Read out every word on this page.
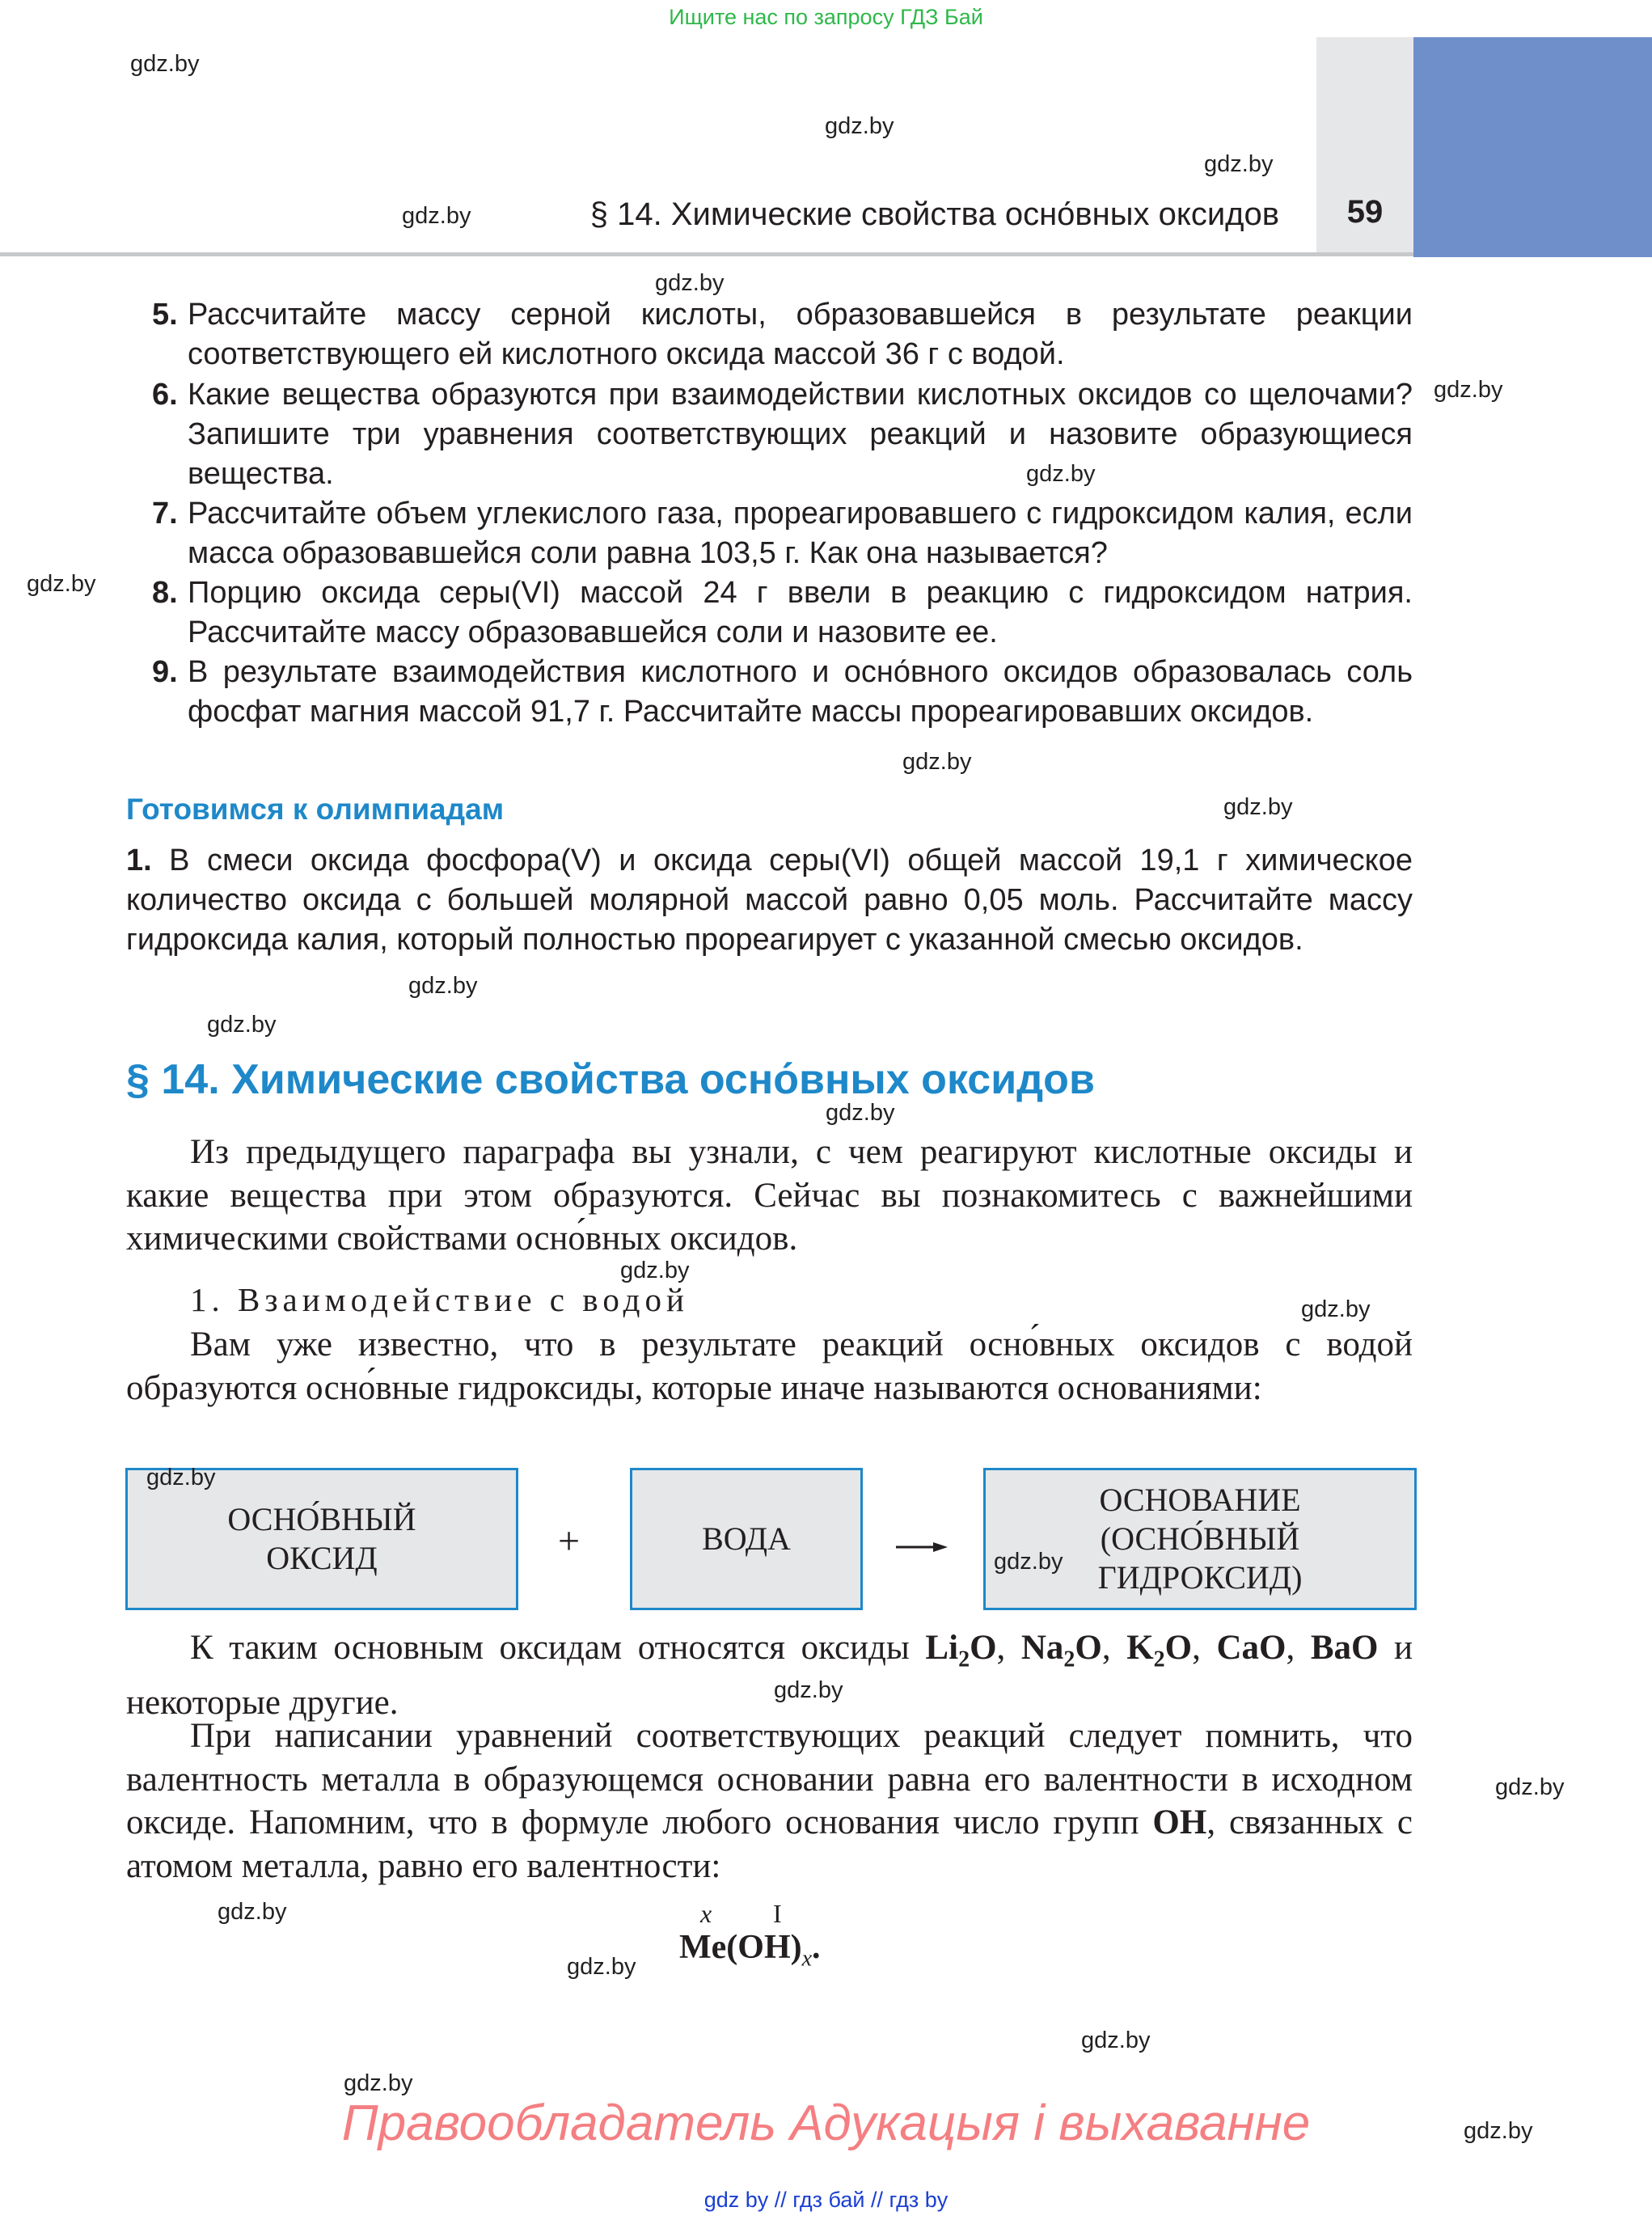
Ищите нас по запросу ГДЗ Бай
§ 14. Химические свойства осно́вных оксидов	59
5. Рассчитайте массу серной кислоты, образовавшейся в результате реакции соответствующего ей кислотного оксида массой 36 г с водой.
6. Какие вещества образуются при взаимодействии кислотных оксидов со щелочами? Запишите три уравнения соответствующих реакций и назовите образующиеся вещества.
7. Рассчитайте объем углекислого газа, прореагировавшего с гидроксидом калия, если масса образовавшейся соли равна 103,5 г. Как она называется?
8. Порцию оксида серы(VI) массой 24 г ввели в реакцию с гидроксидом натрия. Рассчитайте массу образовавшейся соли и назовите ее.
9. В результате взаимодействия кислотного и осно́вного оксидов образовалась соль фосфат магния массой 91,7 г. Рассчитайте массы прореагировавших оксидов.
Готовимся к олимпиадам
1. В смеси оксида фосфора(V) и оксида серы(VI) общей массой 19,1 г химическое количество оксида с большей молярной массой равно 0,05 моль. Рассчитайте массу гидроксида калия, который полностью прореагирует с указанной смесью оксидов.
§ 14. Химические свойства осно́вных оксидов
Из предыдущего параграфа вы узнали, с чем реагируют кислотные оксиды и какие вещества при этом образуются. Сейчас вы познакомитесь с важнейшими химическими свойствами осно́вных оксидов.
1. Взаимодействие с водой
Вам уже известно, что в результате реакций осно́вных оксидов с водой образуются осно́вные гидроксиды, которые иначе называются основаниями:
ОСНО́ВНЫЙ
ОКСИД	+	ВОДА
ОСНОВАНИЕ
(ОСНО́ВНЫЙ
ГИДРОКСИД)
К таким основным оксидам относятся оксиды $Li_2O$, $Na_2O$, $K_2O$, CaO, BaO и некоторые другие.
При написании уравнений соответствующих реакций следует помнить, что валентность металла в образующемся основании равна его валентности в исходном оксиде. Напомним, что в формуле любого основания число групп OH, связанных с атомом металла, равно его валентности:
x I
$Me(OH)_x$.
Правообладатель Адукацыя і выхаванне
gdz by // гдз бай // гдз by
gdz.by
gdz.by
gdz.by
gdz.by
gdz.by
gdz.by
gdz.by
gdz.by
gdz.by
gdz.by
gdz.by
gdz.by
gdz.by
gdz.by
gdz.by
gdz.by
gdz.by
gdz.by
gdz.by
gdz.by
gdz.by
gdz.by
gdz.by
gdz.by
